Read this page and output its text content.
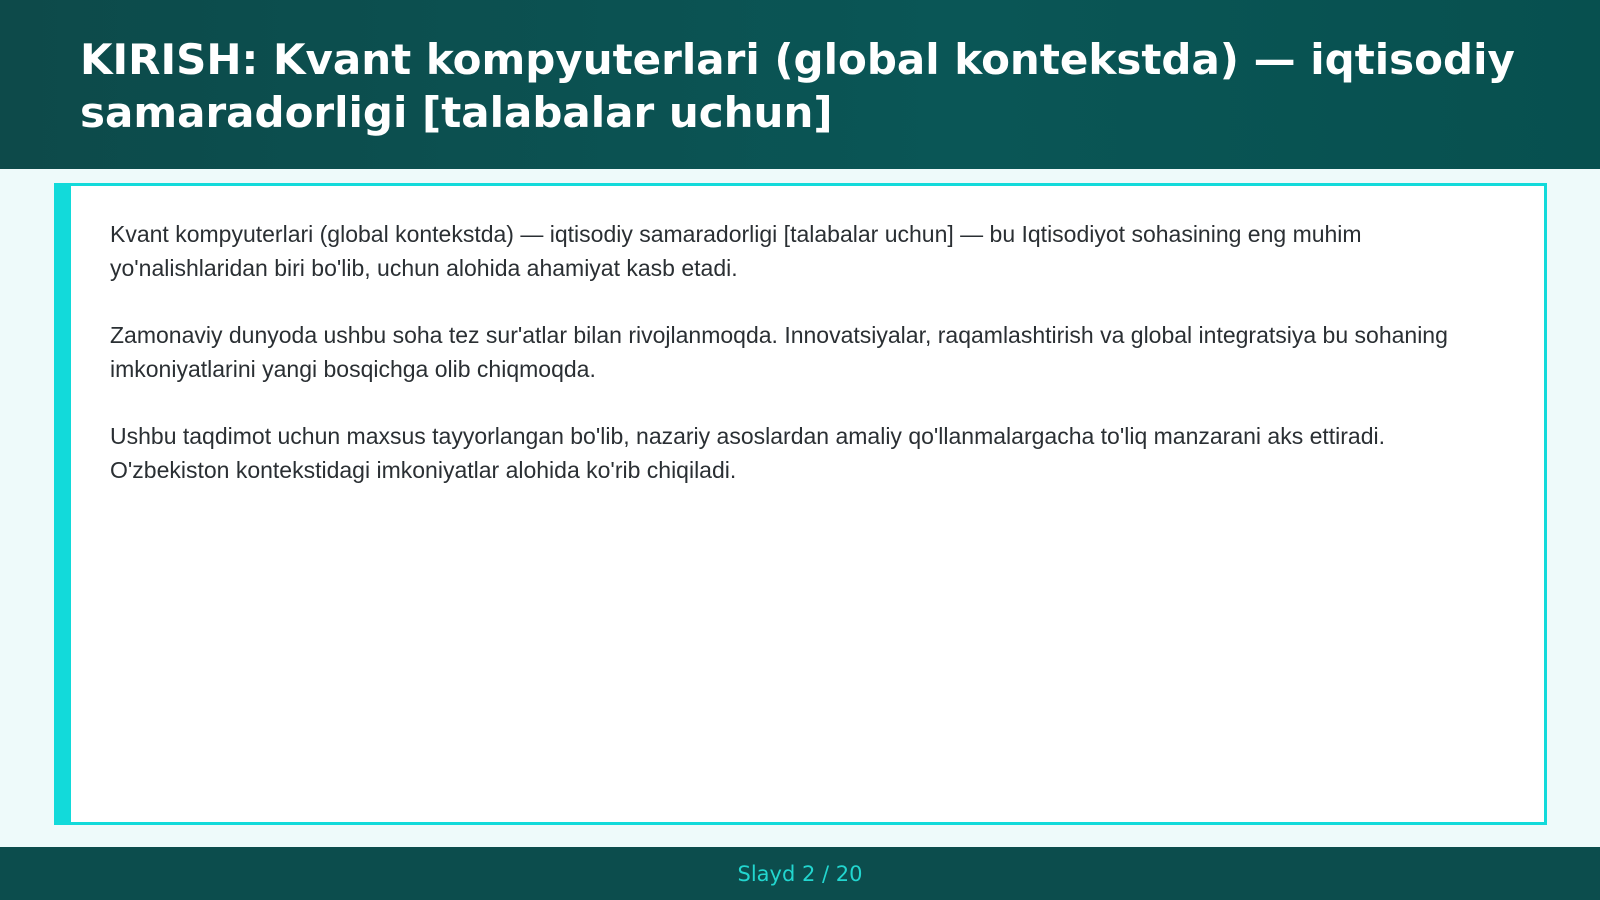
KIRISH: Kvant kompyuterlari (global kontekstda) — iqtisodiy samaradorligi [talabalar uchun]

Kvant kompyuterlari (global kontekstda) — iqtisodiy samaradorligi [talabalar uchun] — bu Iqtisodiyot sohasining eng muhim yo'nalishlaridan biri bo'lib, uchun alohida ahamiyat kasb etadi.

Zamonaviy dunyoda ushbu soha tez sur'atlar bilan rivojlanmoqda. Innovatsiyalar, raqamlashtirish va global integratsiya bu sohaning imkoniyatlarini yangi bosqichga olib chiqmoqda.

Ushbu taqdimot uchun maxsus tayyorlangan bo'lib, nazariy asoslardan amaliy qo'llanmalargacha to'liq manzarani aks ettiradi. O'zbekiston kontekstidagi imkoniyatlar alohida ko'rib chiqiladi.

Slayd 2 / 20
